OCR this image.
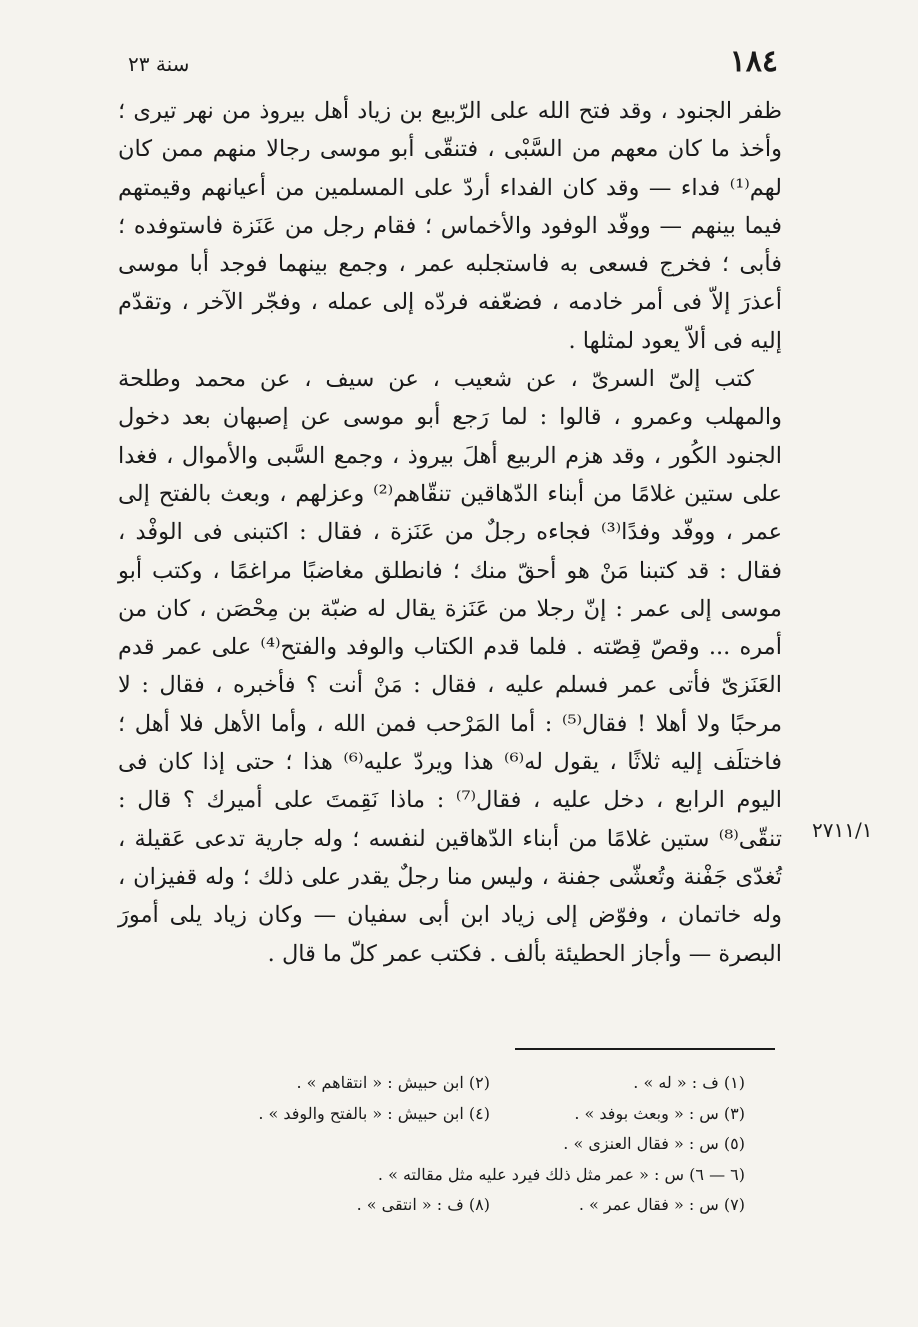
١٨٤
سنة ٢٣

ظفر الجنود ، وقد فتح الله على الرّبيع بن زياد أهل بيروذ من نهر تيرى ؛ وأخذ ما كان معهم من السَّبْى ، فتنقّى أبو موسى رجالا منهم ممن كان لهم⁽¹⁾ فداء — وقد كان الفداء أردّ على المسلمين من أعيانهم وقيمتهم فيما بينهم — ووفّد الوفود والأخماس ؛ فقام رجل من عَنَزة فاستوفده ؛ فأبى ؛ فخرج فسعى به فاستجلبه عمر ، وجمع بينهما فوجد أبا موسى أعذرَ إلاّ فى أمر خادمه ، فضعّفه فردّه إلى عمله ، وفجّر الآخر ، وتقدّم إليه فى ألاّ يعود لمثلها .

كتب إلىّ السرىّ ، عن شعيب ، عن سيف ، عن محمد وطلحة والمهلب وعمرو ، قالوا : لما رَجع أبو موسى عن إصبهان بعد دخول الجنود الكُور ، وقد هزم الربيع أهلَ بيروذ ، وجمع السَّبى والأموال ، فغدا على ستين غلامًا من أبناء الدّهاقين تنقّاهم⁽²⁾ وعزلهم ، وبعث بالفتح إلى عمر ، ووفّد وفدًا⁽³⁾ فجاءه رجلٌ من عَنَزة ، فقال : اكتبنى فى الوفْد ، فقال : قد كتبنا مَنْ هو أحقّ منك ؛ فانطلق مغاضبًا مراغمًا ، وكتب أبو موسى إلى عمر : إنّ رجلا من عَنَزة يقال له ضبّة بن مِحْصَن ، كان من أمره ... وقصّ قِصّته . فلما قدم الكتاب والوفد والفتح⁽⁴⁾ على عمر قدم العَنَزىّ فأتى عمر فسلم عليه ، فقال : مَنْ أنت ؟ فأخبره ، فقال : لا مرحبًا ولا أهلا ! فقال⁽⁵⁾ : أما المَرْحب فمن الله ، وأما الأهل فلا أهل ؛ فاختلَف إليه ثلاثًا ، يقول له⁽⁶⁾ هذا ويردّ عليه⁽⁶⁾ هذا ؛ حتى إذا كان فى اليوم الرابع ، دخل عليه ، فقال⁽⁷⁾ : ماذا نَقِمتَ على أميرك ؟ قال : تنقّى⁽⁸⁾ ستين غلامًا من أبناء الدّهاقين لنفسه ؛ وله جارية تدعى عَقيلة ، تُغدّى جَفْنة وتُعشّى جفنة ، وليس منا رجلٌ يقدر على ذلك ؛ وله قفيزان ، وله خاتمان ، وفوّض إلى زياد ابن أبى سفيان — وكان زياد يلى أمورَ البصرة — وأجاز الحطيئة بألف . فكتب عمر كلّ ما قال .

٢٧١١/١
(١) ف : « له » .
(٢) ابن حبيش : « انتقاهم » .
(٣) س : « وبعث بوفد » .
(٤) ابن حبيش : « بالفتح والوفد » .
(٥) س : « فقال العنزى » .
(٦ — ٦) س : « عمر مثل ذلك فيرد عليه مثل مقالته » .
(٧) س : « فقال عمر » .
(٨) ف : « انتقى » .
